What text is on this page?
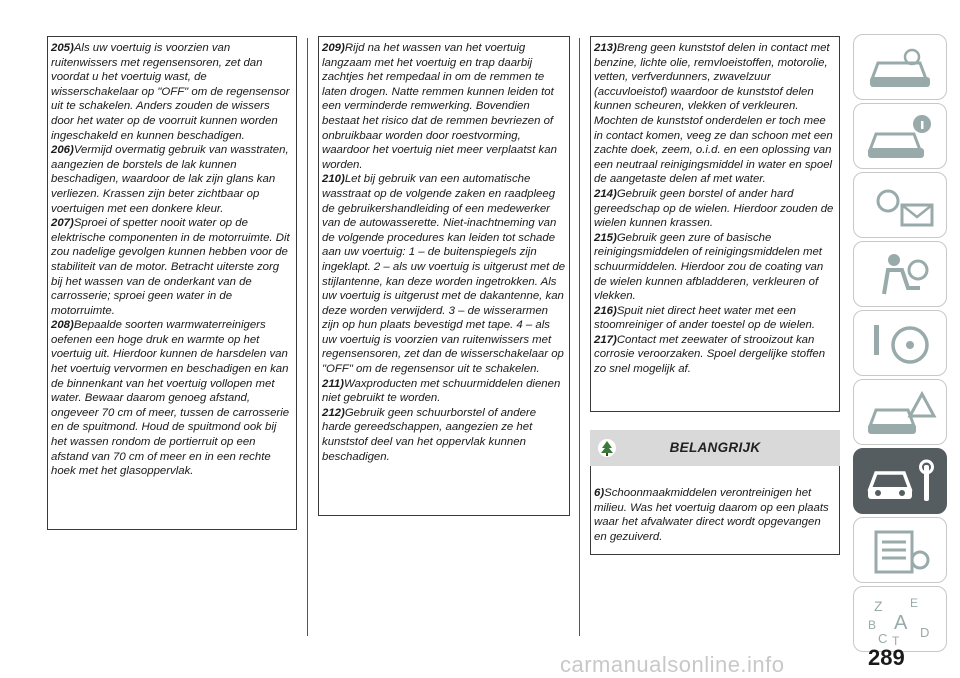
205)Als uw voertuig is voorzien van ruitenwissers met regensensoren, zet dan voordat u het voertuig wast, de wisserschakelaar op "OFF" om de regensensor uit te schakelen. Anders zouden de wissers door het water op de voorruit kunnen worden ingeschakeld en kunnen beschadigen.

206)Vermijd overmatig gebruik van wasstraten, aangezien de borstels de lak kunnen beschadigen, waardoor de lak zijn glans kan verliezen. Krassen zijn beter zichtbaar op voertuigen met een donkere kleur.

207)Sproei of spetter nooit water op de elektrische componenten in de motorruimte. Dit zou nadelige gevolgen kunnen hebben voor de stabiliteit van de motor. Betracht uiterste zorg bij het wassen van de onderkant van de carrosserie; sproei geen water in de motorruimte.

208)Bepaalde soorten warmwaterreinigers oefenen een hoge druk en warmte op het voertuig uit. Hierdoor kunnen de harsdelen van het voertuig vervormen en beschadigen en kan de binnenkant van het voertuig vollopen met water. Bewaar daarom genoeg afstand, ongeveer 70 cm of meer, tussen de carrosserie en de spuitmond. Houd de spuitmond ook bij het wassen rondom de portierruit op een afstand van 70 cm of meer en in een rechte hoek met het glasoppervlak.

209)Rijd na het wassen van het voertuig langzaam met het voertuig en trap daarbij zachtjes het rempedaal in om de remmen te laten drogen. Natte remmen kunnen leiden tot een verminderde remwerking. Bovendien bestaat het risico dat de remmen bevriezen of onbruikbaar worden door roestvorming, waardoor het voertuig niet meer verplaatst kan worden.

210)Let bij gebruik van een automatische wasstraat op de volgende zaken en raadpleeg de gebruikershandleiding of een medewerker van de autowasserette. Niet-inachtneming van de volgende procedures kan leiden tot schade aan uw voertuig: 1 – de buitenspiegels zijn ingeklapt. 2 – als uw voertuig is uitgerust met de stijlantenne, kan deze worden ingetrokken. Als uw voertuig is uitgerust met de dakantenne, kan deze worden verwijderd. 3 – de wisserarmen zijn op hun plaats bevestigd met tape. 4 – als uw voertuig is voorzien van ruitenwissers met regensensoren, zet dan de wisserschakelaar op "OFF" om de regensensor uit te schakelen.

211)Waxproducten met schuurmiddelen dienen niet gebruikt te worden.

212)Gebruik geen schuurborstel of andere harde gereedschappen, aangezien ze het kunststof deel van het oppervlak kunnen beschadigen.

213)Breng geen kunststof delen in contact met benzine, lichte olie, remvloeistoffen, motorolie, vetten, verfverdunners, zwavelzuur (accuvloeistof) waardoor de kunststof delen kunnen scheuren, vlekken of verkleuren. Mochten de kunststof onderdelen er toch mee in contact komen, veeg ze dan schoon met een zachte doek, zeem, o.i.d. en een oplossing van een neutraal reinigingsmiddel in water en spoel de aangetaste delen af met water.

214)Gebruik geen borstel of ander hard gereedschap op de wielen. Hierdoor zouden de wielen kunnen krassen.

215)Gebruik geen zure of basische reinigingsmiddelen of reinigingsmiddelen met schuurmiddelen. Hierdoor zou de coating van de wielen kunnen afbladderen, verkleuren of vlekken.

216)Spuit niet direct heet water met een stoomreiniger of ander toestel op de wielen.

217)Contact met zeewater of strooizout kan corrosie veroorzaken. Spoel dergelijke stoffen zo snel mogelijk af.

BELANGRIJK

6)Schoonmaakmiddelen verontreinigen het milieu. Was het voertuig daarom op een plaats waar het afvalwater direct wordt opgevangen en gezuiverd.

Z E
B A
C	D
T
carmanualsonline.info	289
